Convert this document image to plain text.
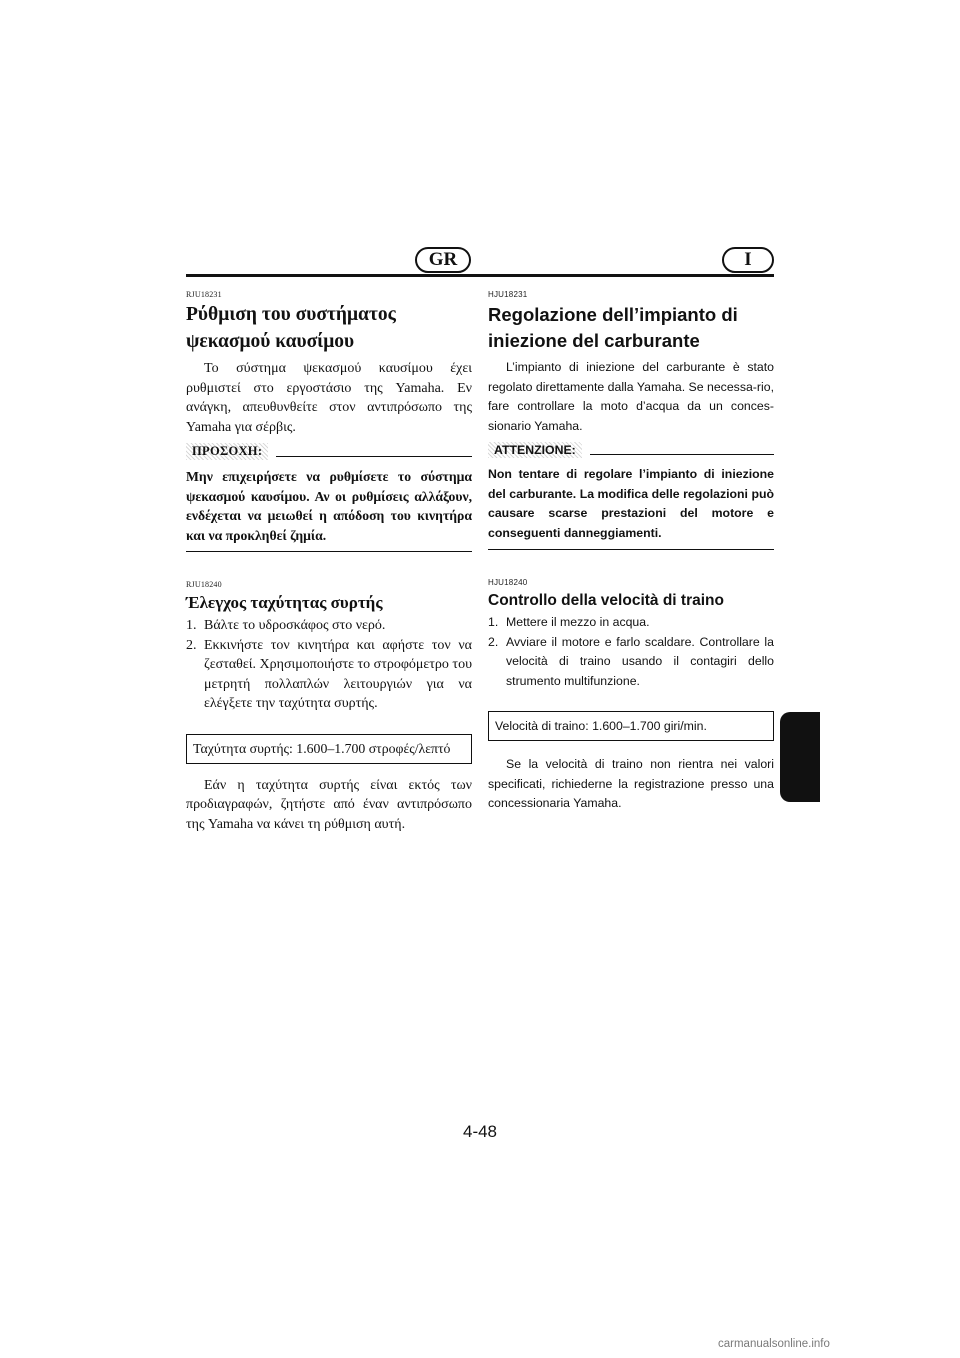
GR	I
RJU18231
Ρύθμιση του συστήματος
ψεκασμού καυσίμου

Το σύστημα ψεκασμού καυσίμου έχει ρυθμιστεί στο εργοστάσιο της Yamaha. Εν ανάγκη, απευθυνθείτε στον αντιπρόσωπο της Yamaha για σέρβις.

ΠΡΟΣΟΧΗ:
Μην επιχειρήσετε να ρυθμίσετε το σύστημα ψεκασμού καυσίμου. Αν οι ρυθμίσεις αλλάξουν, ενδέχεται να μειωθεί η απόδοση του κινητήρα και να προκληθεί ζημία.
RJU18240
Έλεγχος ταχύτητας συρτής
1. Βάλτε το υδροσκάφος στο νερό.
2. Εκκινήστε τον κινητήρα και αφήστε τον να ζεσταθεί. Χρησιμοποιήστε το στροφόμετρο του μετρητή πολλαπλών λειτουργιών για να ελέγξετε την ταχύτητα συρτής.
Ταχύτητα συρτής: 1.600–1.700 στροφές/λεπτό

Εάν η ταχύτητα συρτής είναι εκτός των προδιαγραφών, ζητήστε από έναν αντιπρόσωπο της Yamaha να κάνει τη ρύθμιση αυτή.

HJU18231
Regolazione dell’impianto di
iniezione del carburante

L’impianto di iniezione del carburante è stato regolato direttamente dalla Yamaha. Se necessa-rio, fare controllare la moto d’acqua da un conces-sionario Yamaha.

ATTENZIONE:
Non tentare di regolare l’impianto di iniezione del carburante. La modifica delle regolazioni può causare scarse prestazioni del motore e conseguenti danneggiamenti.
HJU18240
Controllo della velocità di traino
1. Mettere il mezzo in acqua.
2. Avviare il motore e farlo scaldare. Controllare la velocità di traino usando il contagiri dello strumento multifunzione.
Velocità di traino: 1.600–1.700 giri/min.

Se la velocità di traino non rientra nei valori specificati, richiederne la registrazione presso una concessionaria Yamaha.

4-48
carmanualsonline.info
